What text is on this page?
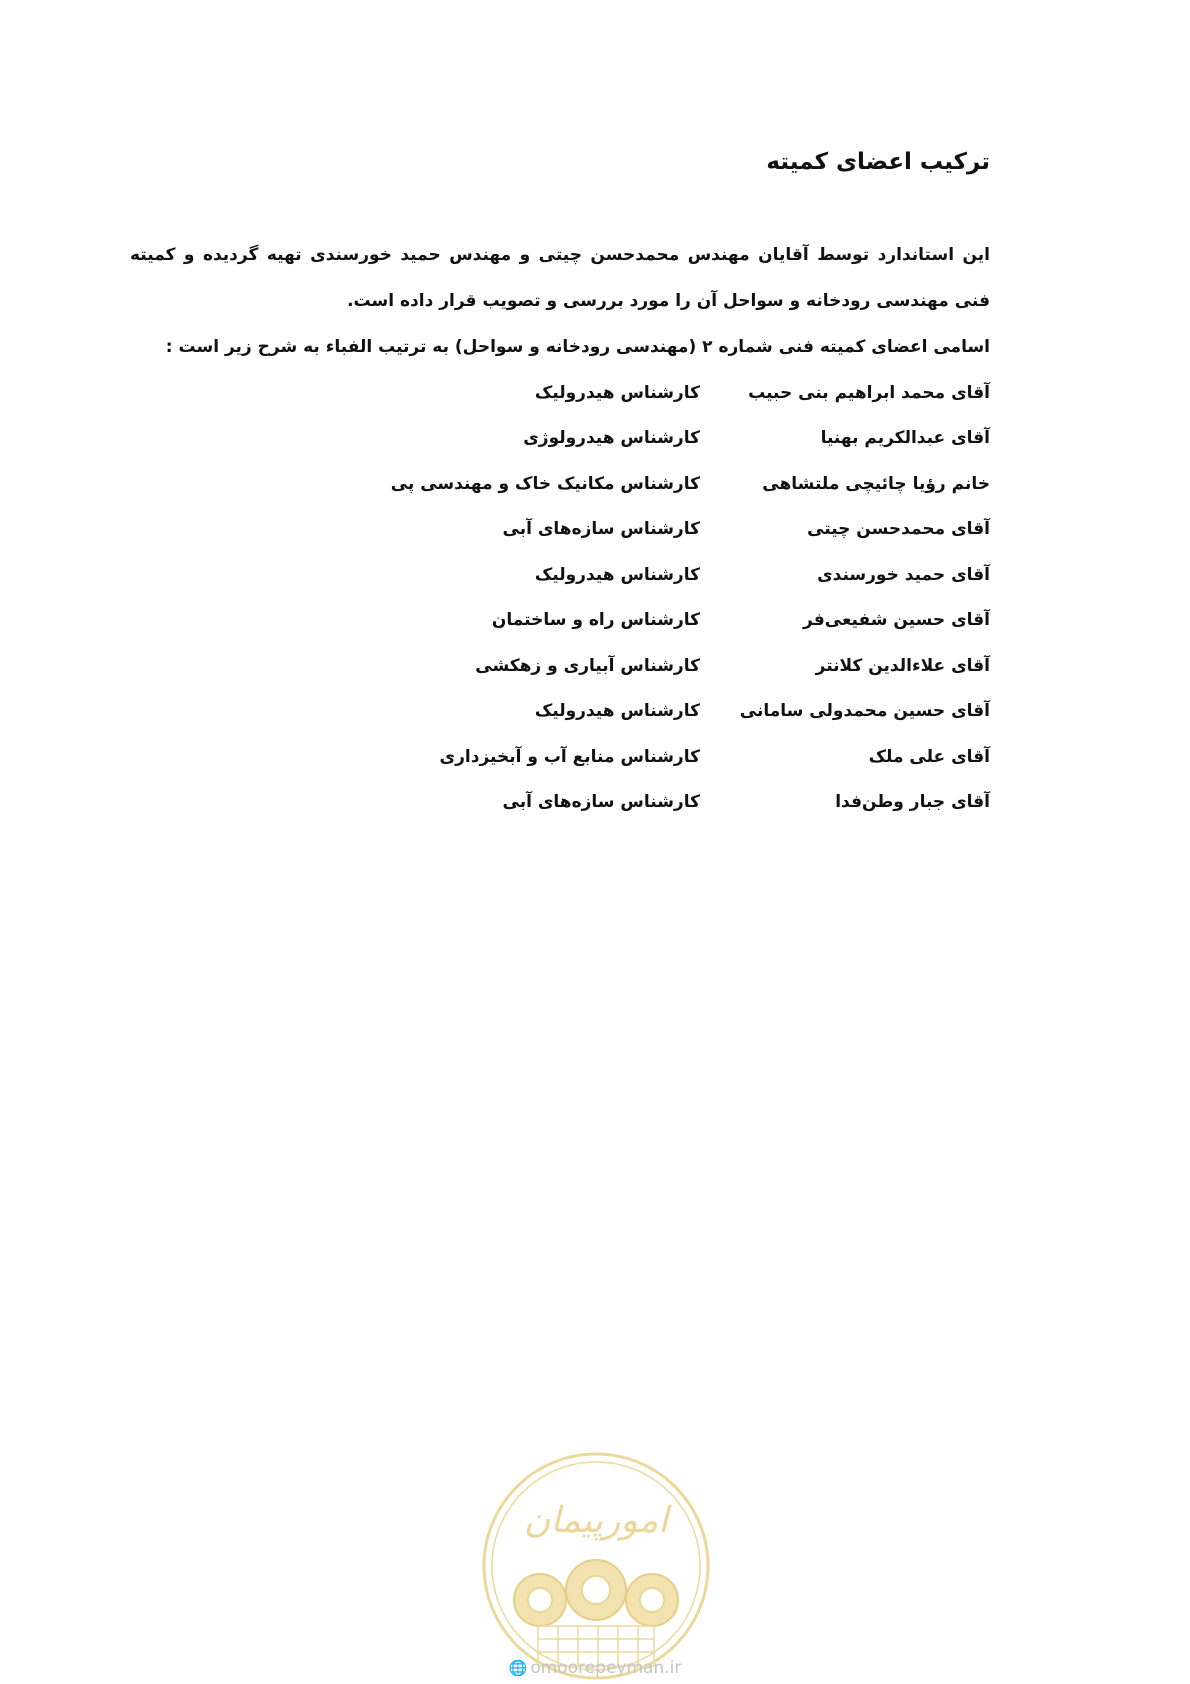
ترکیب اعضای کمیته

این استاندارد توسط آقایان مهندس محمدحسن چیتی و مهندس حمید خورسندی تهیه گردیده و کمیته فنی مهندسی رودخانه و سواحل آن را مورد بررسی و تصویب قرار داده است.

اسامی اعضای کمیته فنی شماره ۲ (مهندسی رودخانه و سواحل) به ترتیب الفباء به شرح زیر است :

آقای محمد ابراهیم بنی حبیب
کارشناس هیدرولیک
آقای عبدالکریم بهنیا
کارشناس هیدرولوژی
خانم رؤیا چائیچی ملتشاهی
کارشناس مکانیک خاک و مهندسی پی
آقای محمدحسن چیتی
کارشناس سازه‌های آبی
آقای حمید خورسندی
کارشناس هیدرولیک
آقای حسین شفیعی‌فر
کارشناس راه و ساختمان
آقای علاءالدین کلانتر
کارشناس آبیاری و زهکشی
آقای حسین محمدولی سامانی
کارشناس هیدرولیک
آقای علی ملک
کارشناس منابع آب و آبخیزداری
آقای جبار وطن‌فدا
کارشناس سازه‌های آبی
امورپیمان
🌐 omoorepeyman.ir
